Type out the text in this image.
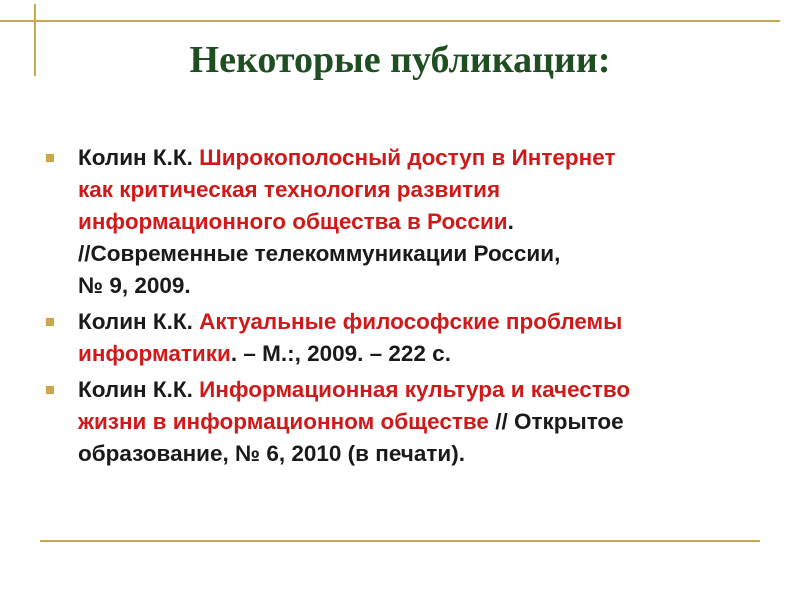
Некоторые публикации:
Колин К.К. Широкополосный доступ в Интернет
как критическая технология развития
информационного общества в России.
//Современные телекоммуникации России,
№ 9, 2009.
Колин К.К. Актуальные философские проблемы
информатики. – М.:, 2009. – 222 с.
Колин К.К. Информационная культура и качество
жизни в информационном обществе // Открытое
образование, № 6, 2010 (в печати).
